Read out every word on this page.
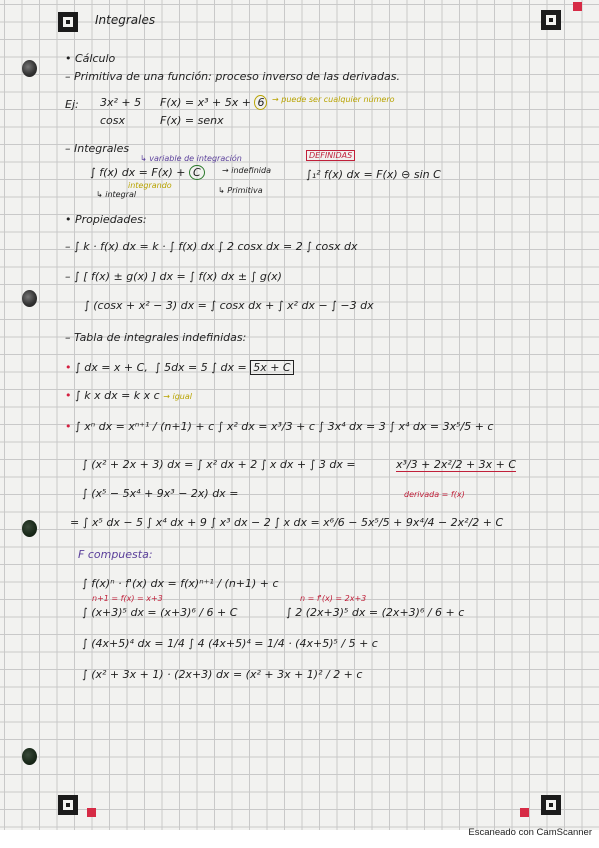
Integrales
• Cálculo
– Primitiva de una función: proceso inverso de las derivadas.
Ej: 3x² + 5
cosx
F(x) = x³ + 5x + 6 → puede ser cualquier número
F(x) = senx
– Integrales
↳ variable de integración
∫ f(x) dx = F(x) + C	→ indefinida
integrando
↳ integral	↳ Primitiva
DEFINIDAS
∫₁² f(x) dx = F(x) ⊖ sin C
• Propiedades:
– ∫ k · f(x) dx = k · ∫ f(x) dx ∫ 2 cosx dx = 2 ∫ cosx dx
– ∫ [ f(x) ± g(x) ] dx = ∫ f(x) dx ± ∫ g(x)
∫ (cosx + x² − 3) dx = ∫ cosx dx + ∫ x² dx − ∫ −3 dx
– Tabla de integrales indefinidas:
• ∫ dx = x + C,  ∫ 5dx = 5 ∫ dx = 5x + C
• ∫ k x dx = k x c → igual
• ∫ xⁿ dx = xⁿ⁺¹ / (n+1) + c ∫ x² dx = x³/3 + c ∫ 3x⁴ dx = 3 ∫ x⁴ dx = 3x⁵/5 + c
∫ (x² + 2x + 3) dx = ∫ x² dx + 2 ∫ x dx + ∫ 3 dx =	x³/3 + 2x²/2 + 3x + C
derivada = f(x)
∫ (x⁵ − 5x⁴ + 9x³ − 2x) dx =
= ∫ x⁵ dx − 5 ∫ x⁴ dx + 9 ∫ x³ dx − 2 ∫ x dx = x⁶/6 − 5x⁵/5 + 9x⁴/4 − 2x²/2 + C
F compuesta:
∫ f(x)ⁿ · f'(x) dx = f(x)ⁿ⁺¹ / (n+1) + c
n+1 = f(x) = x+3
∫ (x+3)⁵ dx = (x+3)⁶ / 6 + C
n = f'(x) = 2x+3
∫ 2 (2x+3)⁵ dx = (2x+3)⁶ / 6 + c
∫ (4x+5)⁴ dx = 1/4 ∫ 4 (4x+5)⁴ = 1/4 · (4x+5)⁵ / 5 + c
∫ (x² + 3x + 1) · (2x+3) dx = (x² + 3x + 1)² / 2 + c
Escaneado con CamScanner
